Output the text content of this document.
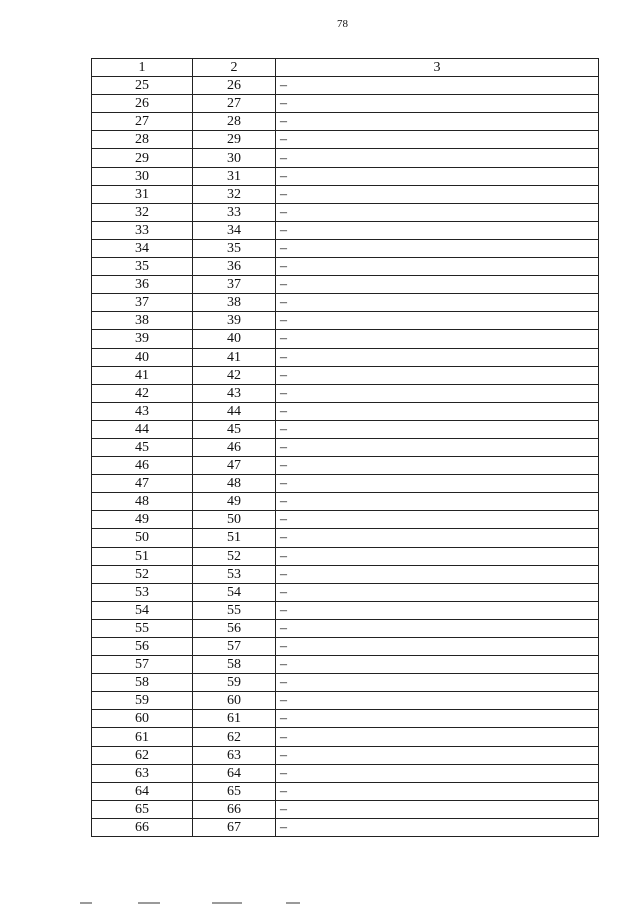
78
1	2	3
25	26	–
26	27	–
27	28	–
28	29	–
29	30	–
30	31	–
31	32	–
32	33	–
33	34	–
34	35	–
35	36	–
36	37	–
37	38	–
38	39	–
39	40	–
40	41	–
41	42	–
42	43	–
43	44	–
44	45	–
45	46	–
46	47	–
47	48	–
48	49	–
49	50	–
50	51	–
51	52	–
52	53	–
53	54	–
54	55	–
55	56	–
56	57	–
57	58	–
58	59	–
59	60	–
60	61	–
61	62	–
62	63	–
63	64	–
64	65	–
65	66	–
66	67	–
